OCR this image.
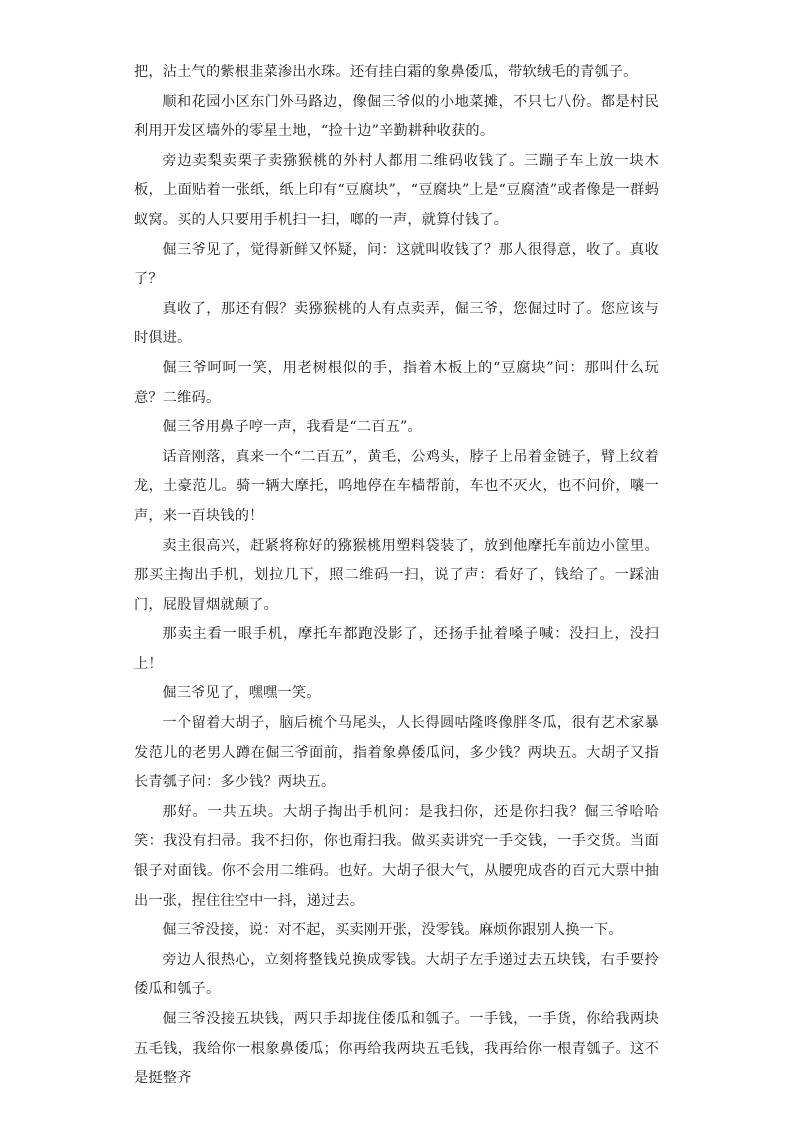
把，沾土气的紫根韭菜渗出水珠。还有挂白霜的象鼻倭瓜，带软绒毛的青瓠子。

顺和花园小区东门外马路边，像倔三爷似的小地菜摊，不只七八份。都是村民利用开发区墙外的零星土地，“捡十边”辛勤耕种收获的。

旁边卖梨卖栗子卖猕猴桃的外村人都用二维码收钱了。三蹦子车上放一块木板，上面贴着一张纸，纸上印有“豆腐块”，“豆腐块”上是“豆腐渣”或者像是一群蚂蚁窝。买的人只要用手机扫一扫，啷的一声，就算付钱了。

倔三爷见了，觉得新鲜又怀疑，问：这就叫收钱了？那人很得意，收了。真收了？

真收了，那还有假？卖猕猴桃的人有点卖弄，倔三爷，您倔过时了。您应该与时俱进。

倔三爷呵呵一笑，用老树根似的手，指着木板上的“豆腐块”问：那叫什么玩意？二维码。

倔三爷用鼻子哼一声，我看是“二百五”。

话音刚落，真来一个“二百五”，黄毛，公鸡头，脖子上吊着金链子，臂上纹着龙，土豪范儿。骑一辆大摩托，呜地停在车樯帮前，车也不灭火，也不问价，嚷一声，来一百块钱的！

卖主很高兴，赶紧将称好的猕猴桃用塑料袋装了，放到他摩托车前边小筐里。那买主掏出手机，划拉几下，照二维码一扫，说了声：看好了，钱给了。一踩油门，屁股冒烟就颠了。

那卖主看一眼手机，摩托车都跑没影了，还扬手扯着嗓子喊：没扫上，没扫上！

倔三爷见了，嘿嘿一笑。

一个留着大胡子，脑后梳个马尾头，人长得圆咕隆咚像胖冬瓜，很有艺术家暴发范儿的老男人蹲在倔三爷面前，指着象鼻倭瓜问，多少钱？两块五。大胡子又指长青瓠子问：多少钱？两块五。

那好。一共五块。大胡子掏出手机问：是我扫你，还是你扫我？倔三爷哈哈笑：我没有扫帚。我不扫你，你也甭扫我。做买卖讲究一手交钱，一手交货。当面银子对面钱。你不会用二维码。也好。大胡子很大气，从腰兜成沓的百元大票中抽出一张，捏住往空中一抖，递过去。

倔三爷没接，说：对不起，买卖刚开张，没零钱。麻烦你跟别人换一下。

旁边人很热心，立刻将整钱兑换成零钱。大胡子左手递过去五块钱，右手要拎倭瓜和瓠子。

倔三爷没接五块钱，两只手却拢住倭瓜和瓠子。一手钱，一手货，你给我两块五毛钱，我给你一根象鼻倭瓜；你再给我两块五毛钱，我再给你一根青瓠子。这不是挺整齐
